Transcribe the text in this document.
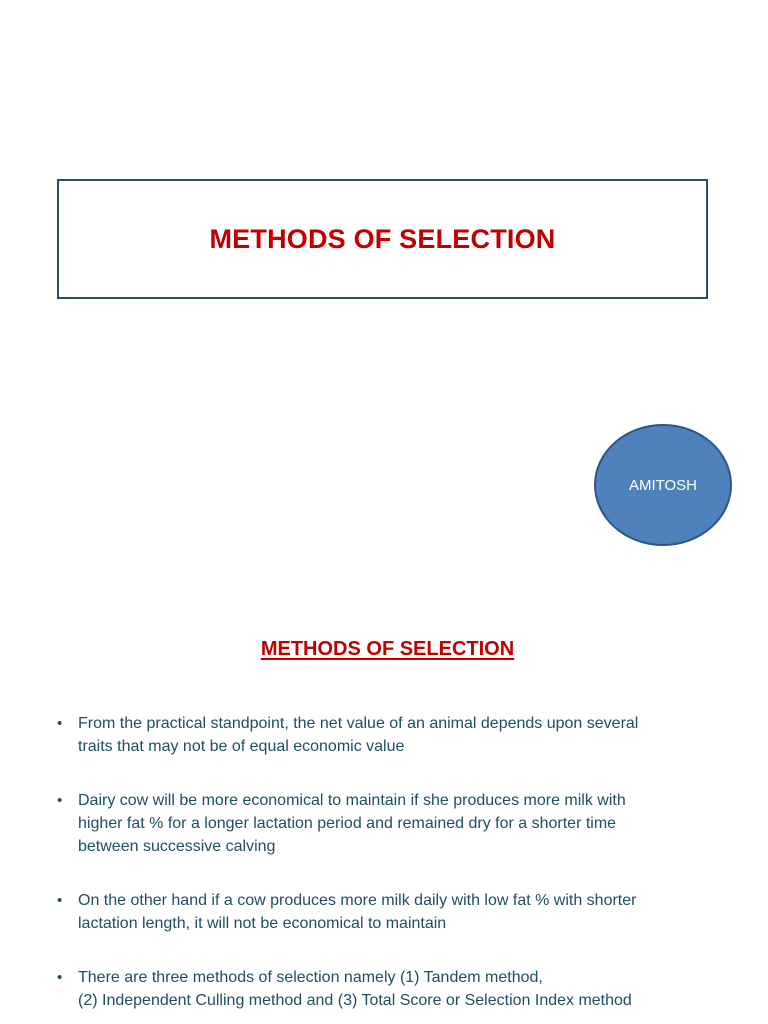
METHODS OF SELECTION
AMITOSH
METHODS OF SELECTION
• From the practical standpoint, the net value of an animal depends upon several
traits that may not be of equal economic value
• Dairy cow will be more economical to maintain if she produces more milk with
higher fat % for a longer lactation period and remained dry for a shorter time
between successive calving
• On the other hand if a cow produces more milk daily with low fat % with shorter
lactation length, it will not be economical to maintain
• There are three methods of selection namely (1) Tandem method,
(2) Independent Culling method and (3) Total Score or Selection Index method
